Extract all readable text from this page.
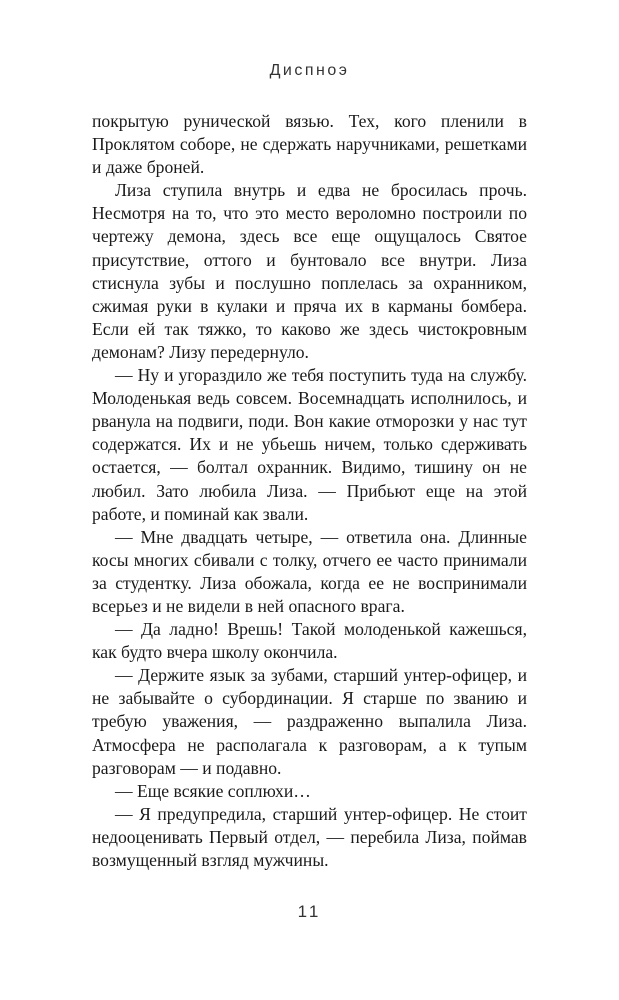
Диспноэ

покрытую рунической вязью. Тех, кого пленили в Проклятом соборе, не сдержать наручниками, решетками и даже броней.

Лиза ступила внутрь и едва не бросилась прочь. Несмотря на то, что это место вероломно построили по чертежу демона, здесь все еще ощущалось Святое присутствие, оттого и бунтовало все внутри. Лиза стиснула зубы и послушно поплелась за охранником, сжимая руки в кулаки и пряча их в карманы бомбера. Если ей так тяжко, то каково же здесь чистокровным демонам? Лизу передернуло.

— Ну и угораздило же тебя поступить туда на службу. Молоденькая ведь совсем. Восемнадцать исполнилось, и рванула на подвиги, поди. Вон какие отморозки у нас тут содержатся. Их и не убьешь ничем, только сдерживать остается, — болтал охранник. Видимо, тишину он не любил. Зато любила Лиза. — Прибьют еще на этой работе, и поминай как звали.

— Мне двадцать четыре, — ответила она. Длинные косы многих сбивали с толку, отчего ее часто принимали за студентку. Лиза обожала, когда ее не воспринимали всерьез и не видели в ней опасного врага.

— Да ладно! Врешь! Такой молоденькой кажешься, как будто вчера школу окончила.

— Держите язык за зубами, старший унтер-офицер, и не забывайте о субординации. Я старше по званию и требую уважения, — раздраженно выпалила Лиза. Атмосфера не располагала к разговорам, а к тупым разговорам — и подавно.

— Еще всякие соплюхи…

— Я предупредила, старший унтер-офицер. Не стоит недооценивать Первый отдел, — перебила Лиза, поймав возмущенный взгляд мужчины.

11
